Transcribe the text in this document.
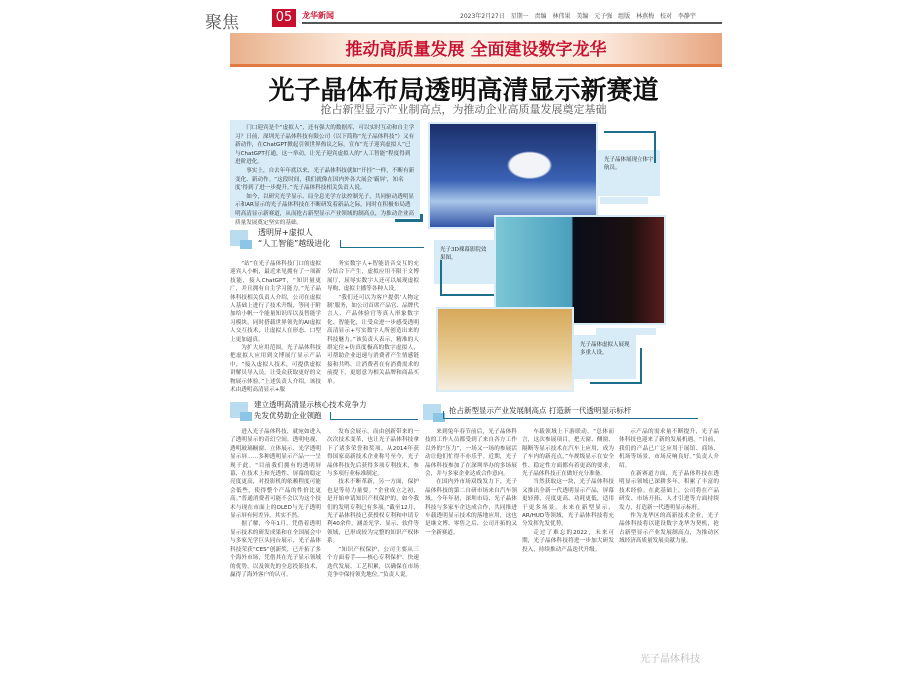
聚焦	05	龙华新闻	2023年2月27日 星期一 责编 林伟果 美编 元子强 组版 林燕梅 校对 李静宇
推动高质量发展 全面建设数字龙华
光子晶体布局透明高清显示新赛道
抢占新型显示产业制高点，为推动企业高质量发展奠定基础

门口迎宾是个“虚拟人”，还有强大的数据库，可以实时互动和自主学习？日前，深圳光子晶体科技有限公司（以下简称“光子晶体科技”）又有新动作，在ChatGPT掀起引领世界热议之际，宣布“光子迎宾虚拟人”已与ChatGPT打通，这一举动，让光子迎宾虚拟人的“人工智能”程度得到进阶进化。

事实上，自去年年底以来，光子晶体科技就如“开挂”一样，不断有新变化、新动作。“这段时间，我们就像在国内外各大展会‘霸屏’，知名度‘得到了进一步提升。”光子晶体科技相关负责人说。

如今，以研究光学显示、局全息光学方法控制光子，共同驱动透明显示和AR显示的光子晶体科技在不断研发着新品之际，同时在积极布局透明高清显示新赛道，从而抢占新型显示产业领域的制高点，为推动企业高质量发展奠定坚实的基础。

透明屏+虚拟人
“人工智能”越级进化

“站”在光子晶体科技门口的虚拟迎宾人小帆，最近来见拥有了一项新技能，接入ChatGPT，“知识量更广，并且拥有自主学习能力。”光子晶体科技相关负责人介绍，公司在虚拟人基础上进行了技术升级，等同于附加给小帆一个能量知识库以及智能学习模块，同时搭载世界领先的AI虚拟人交互技术，让虚拟人在形态、口型上更加逼真。

为扩大应用范围，光子晶体科技把虚拟人应用到文博展厅显示产品中，“接入虚拟人技术，可提供虚拟讲解员导入员，让受众获取更好的文物展示体验。”上述负责人介绍，该技术由透明高清显示+服

务实数字人+智能语音交互的充分结合下产生，虚拟应用不限于文博展厅，屈辱实数字人还可以展现虚拟导购、虚拟主播等各种人设。

“我们还可以为客户提供‘人物定制’服务，如公司首席产品官、品牌代言人、产品体验官等真人形象数字化、智能化，让受众进一步感受透明高清显示+写实数字人所创造出来的科技魅力。”该负责人表示，精准的人群定位+仿真度极高的数字虚拟人，可帮助企业迅速与消费者产生情感链接和共鸣，让消费者在有消费需求的前提下，更愿意为相关品牌和商品买单。

光子晶体展现立体宇航员。
光子3D裸幕影院效果图。
光子晶体虚拟人展现多重人设。
建立透明高清显示核心技术竞争力
先发优势助企业领跑

进入光子晶体科技，就宛如进入了透明显示的奇幻空间。透明电视、透明玻璃橱窗、立体展示、光学透明显示屏……多种透明显示产品一一呈现于此。“目前我们拥有的透明屏幕，在技术上和光透性、屏幕的稳定亮度更高，对投影机的依赖程度可能会低些，使得整个产品的性价比更高。”普通消费者可能不会以为这个技术与现在市面上的OLED与光子透明显示屏有何差异，其实不然。

据了解，今年1月，凭借着透明显示技术的研发成果和在全国展会中与多家光学巨头同台展示，光子晶体科技荣获“CES”创新奖，已开拓了多个海外市场，凭借其在光子显示领域的优势，以及领先的全息投影技术，赢得了海外客户的认可。

发布会展示，而由创新带来的一次次技术变革，也让光子晶体科技拿下了诸多荣誉和奖项。从2014年获得国家高新技术企业称号至今，光子晶体科技先后获得多项专利技术，参与多项行业标准制定。

技术不断革新，另一方面，保护也是等待力量要。“企业成立之初，是开始申请知识产权保护的，如今我们的发明专利已有多项。”截至12月，光子晶体科技已获授权专利和申请专利40余件，涵盖光学、显示、软件等领域，已形成较为完整的知识产权体系。

“知识产权保护，公司主要从三个方面着手——核心专利保护、快速迭代发展、工艺积累，以确保在市场竞争中保持领先地位。”负责人说。

抢占新型显示产业发展制高点 打造新一代透明显示标杆

来到兔年春节前后，光子晶体科技的工作人员都受到了来自各方工作以外的“压力”，一场又一场的参展活动让他们忙得不亦乐乎。近期，光子晶体科技参加了在深圳举办的多场展会，并与多家企业达成合作意向。

在国内外市场双线发力下，光子晶体科技的第二自研市场来自汽车领域。今年年初，深圳市局、光子晶体科技与多家车企达成合作，共同推进车载透明显示技术的落地应用，这也是继文博、零售之后，公司开拓的又一全新赛道。

车载领域上下游联动，“总体而言，这次参展项目，把天窗、侧窗、隔断等显示技术在汽车上应用，成为了车内的新亮点。”车规级显示在安全性、稳定性方面都有着更高的要求，光子晶体科技正在做好充分准备。

当然获取这一块，光子晶体科技又推出全新一代透明显示产品，屏幕更轻薄、亮度更高、功耗更低，适用于更多场景。未来在新型显示、AR/HUD等领域，光子晶体科技将充分发挥先发优势。

走过了难忘的2022，未来可期，光子晶体科技将进一步加大研发投入，持续推动产品迭代升级。

示产品的需求量不断提升，光子晶体科技也迎来了新的发展机遇。“目前，我们的产品已广泛应用于展馆、商场、机场等场景，市场反响良好。”负责人介绍。

在新赛道方面，光子晶体科技在透明显示领域已深耕多年，积累了丰富的技术经验。在此基础上，公司将在产品研发、市场开拓、人才引进等方面持续发力，打造新一代透明显示标杆。

作为龙华区的高新技术企业，光子晶体科技将以建设数字龙华为契机，抢占新型显示产业发展制高点，为推动区域经济高质量发展贡献力量。

光子晶体科技
